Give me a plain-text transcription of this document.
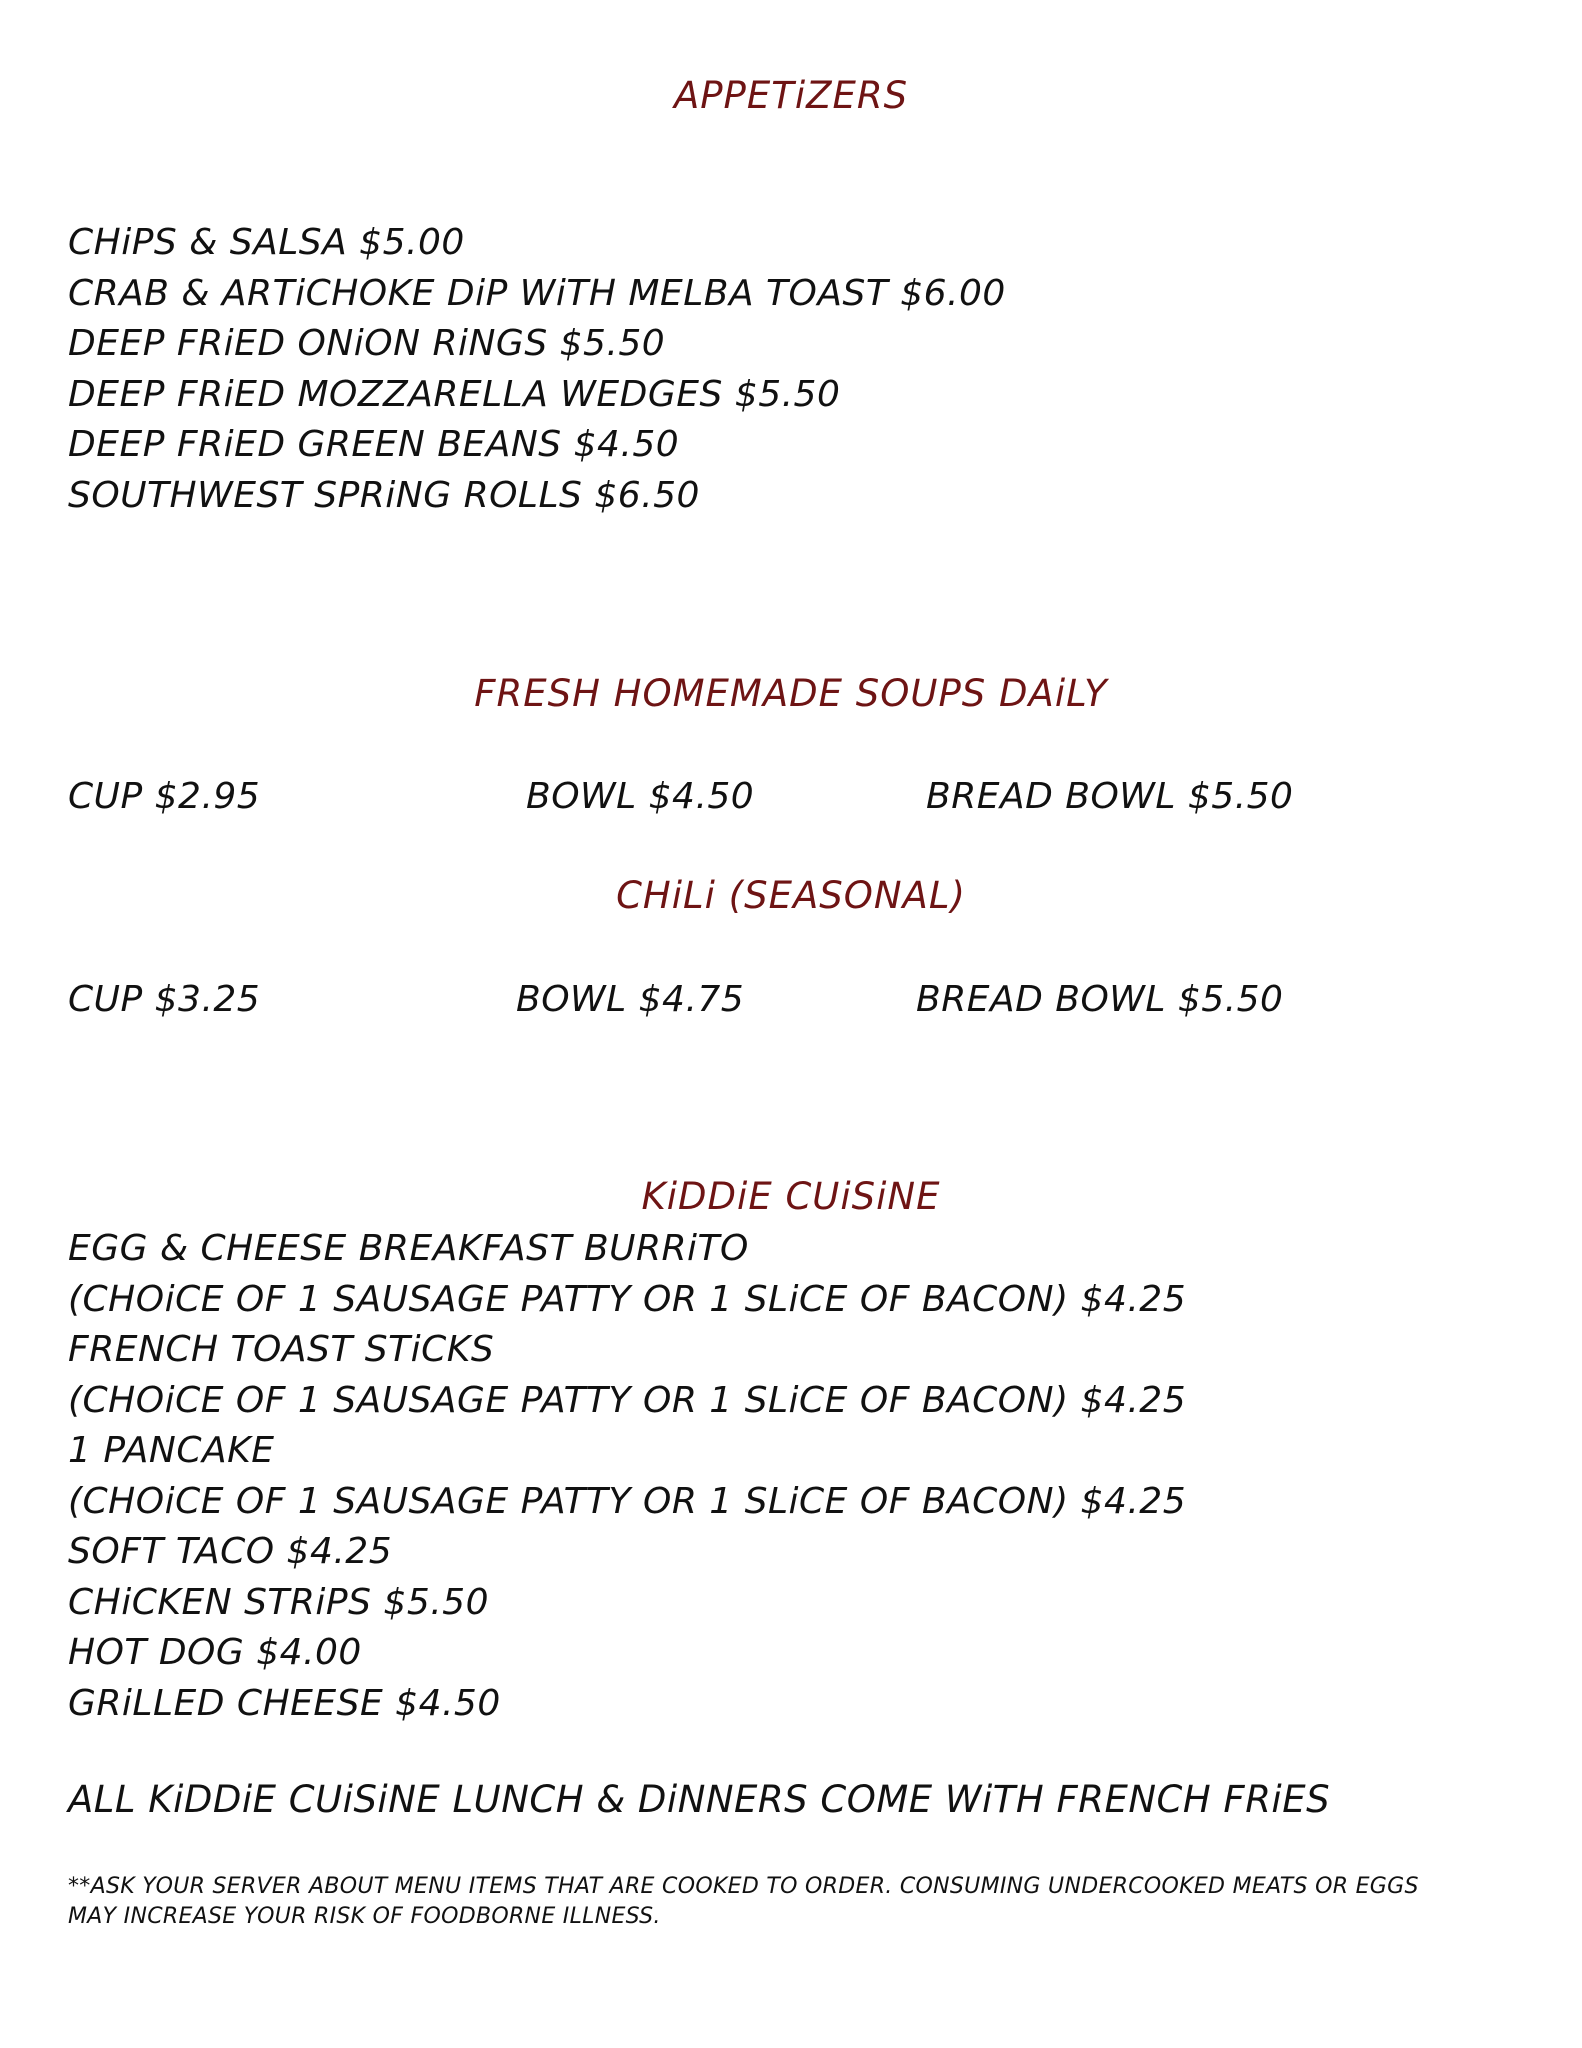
APPETiZERS
CHiPS & SALSA $5.00
CRAB & ARTiCHOKE DiP WiTH MELBA TOAST $6.00
DEEP FRiED ONiON RiNGS $5.50
DEEP FRiED MOZZARELLA WEDGES $5.50
DEEP FRiED GREEN BEANS $4.50
SOUTHWEST SPRiNG ROLLS $6.50
FRESH HOMEMADE SOUPS DAiLY
CUP $2.95	BOWL $4.50	BREAD BOWL $5.50
CHiLi (SEASONAL)
CUP $3.25	BOWL $4.75	BREAD BOWL $5.50
KiDDiE CUiSiNE
EGG & CHEESE BREAKFAST BURRiTO
(CHOiCE OF 1 SAUSAGE PATTY OR 1 SLiCE OF BACON) $4.25
FRENCH TOAST STiCKS
(CHOiCE OF 1 SAUSAGE PATTY OR 1 SLiCE OF BACON) $4.25
1 PANCAKE
(CHOiCE OF 1 SAUSAGE PATTY OR 1 SLiCE OF BACON) $4.25
SOFT TACO $4.25
CHiCKEN STRiPS $5.50
HOT DOG $4.00
GRiLLED CHEESE $4.50

ALL KiDDiE CUiSiNE LUNCH & DiNNERS COME WiTH FRENCH FRiES

**ASK YOUR SERVER ABOUT MENU ITEMS THAT ARE COOKED TO ORDER. CONSUMING UNDERCOOKED MEATS OR EGGS MAY INCREASE YOUR RISK OF FOODBORNE ILLNESS.
